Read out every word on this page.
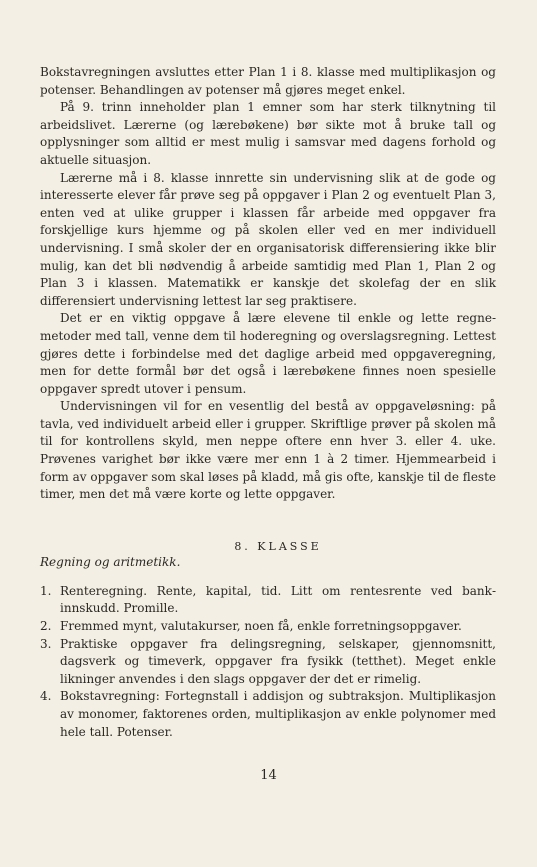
Bokstavregningen avsluttes etter Plan 1 i 8. klasse med multiplikasjon og potenser. Behandlingen av potenser må gjøres meget enkel.

På 9. trinn inneholder plan 1 emner som har sterk tilknytning til arbeidslivet. Lærerne (og lærebøkene) bør sikte mot å bruke tall og opplysninger som alltid er mest mulig i samsvar med dagens forhold og aktuelle situasjon.

Lærerne må i 8. klasse innrette sin undervisning slik at de gode og interesserte elever får prøve seg på oppgaver i Plan 2 og eventuelt Plan 3, enten ved at ulike grupper i klassen får arbeide med oppgaver fra forskjellige kurs hjemme og på skolen eller ved en mer individuell undervisning. I små skoler der en organisatorisk differensiering ikke blir mulig, kan det bli nødvendig å arbeide samtidig med Plan 1, Plan 2 og Plan 3 i klassen. Matematikk er kanskje det skolefag der en slik differensiert undervisning lettest lar seg praktisere.

Det er en viktig oppgave å lære elevene til enkle og lette regnemetoder med tall, venne dem til hoderegning og overslagsregning. Lettest gjøres dette i forbindelse med det daglige arbeid med oppgaveregning, men for dette formål bør det også i lærebøkene finnes noen spesielle oppgaver spredt utover i pensum.

Undervisningen vil for en vesentlig del bestå av oppgaveløsning: på tavla, ved individuelt arbeid eller i grupper. Skriftlige prøver på skolen må til for kontrollens skyld, men neppe oftere enn hver 3. eller 4. uke. Prøvenes varighet bør ikke være mer enn 1 à 2 timer. Hjemmearbeid i form av oppgaver som skal løses på kladd, må gis ofte, kanskje til de fleste timer, men det må være korte og lette oppgaver.

8. KLASSE
Regning og aritmetikk.
1. Renteregning. Rente, kapital, tid. Litt om rentesrente ved bankinnskudd. Promille.
2. Fremmed mynt, valutakurser, noen få, enkle forretningsoppgaver.
3. Praktiske oppgaver fra delingsregning, selskaper, gjennomsnitt, dagsverk og timeverk, oppgaver fra fysikk (tetthet). Meget enkle likninger anvendes i den slags oppgaver der det er rimelig.
4. Bokstavregning: Fortegnstall i addisjon og subtraksjon. Multiplikasjon av monomer, faktorenes orden, multiplikasjon av enkle polynomer med hele tall. Potenser.
14
